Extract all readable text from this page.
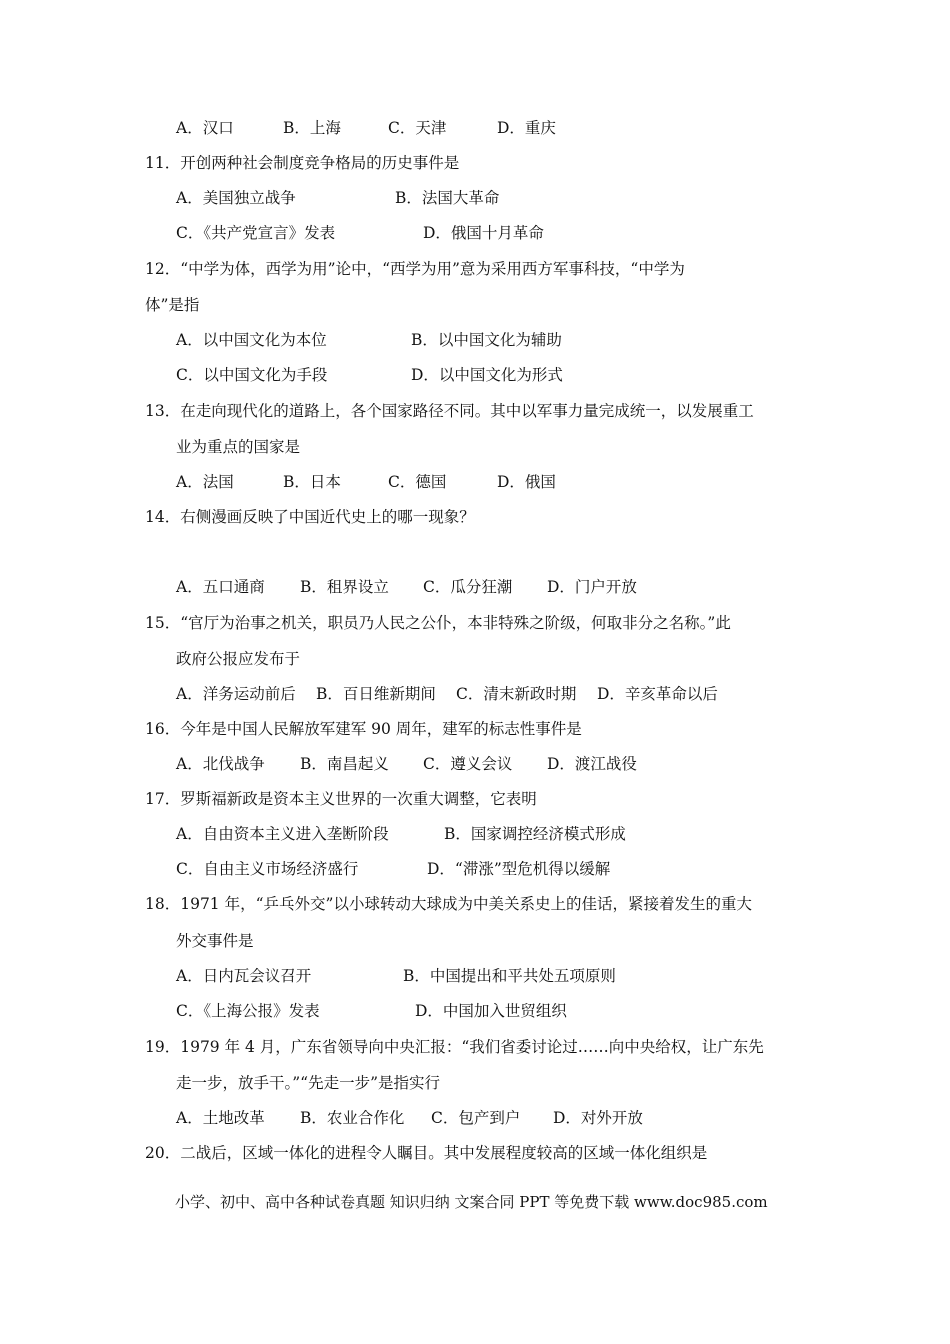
A．汉口	B．上海	C．天津	D．重庆
11．开创两种社会制度竞争格局的历史事件是
A．美国独立战争	B．法国大革命
C．《共产党宣言》发表	D．俄国十月革命
12．“中学为体，西学为用”论中，“西学为用”意为采用西方军事科技，“中学为
体”是指
A．以中国文化为本位	B．以中国文化为辅助
C．以中国文化为手段	D．以中国文化为形式
13．在走向现代化的道路上，各个国家路径不同。其中以军事力量完成统一，以发展重工
业为重点的国家是
A．法国	B．日本	C．德国	D．俄国
14．右侧漫画反映了中国近代史上的哪一现象？
A．五口通商 B．租界设立 C．瓜分狂潮 D．门户开放
15．“官厅为治事之机关，职员乃人民之公仆，本非特殊之阶级，何取非分之名称。”此
政府公报应发布于
A．洋务运动前后 B．百日维新期间 C．清末新政时期 D．辛亥革命以后
16．今年是中国人民解放军建军 90 周年，建军的标志性事件是
A．北伐战争 B．南昌起义 C．遵义会议 D．渡江战役
17．罗斯福新政是资本主义世界的一次重大调整，它表明
A．自由资本主义进入垄断阶段	B．国家调控经济模式形成
C．自由主义市场经济盛行	D．“滞涨”型危机得以缓解
18．1971 年，“乒乓外交”以小球转动大球成为中美关系史上的佳话，紧接着发生的重大
外交事件是
A．日内瓦会议召开	B．中国提出和平共处五项原则
C．《上海公报》发表	D．中国加入世贸组织
19．1979 年 4 月，广东省领导向中央汇报：“我们省委讨论过……向中央给权，让广东先
走一步，放手干。”“先走一步”是指实行
A．土地改革 B．农业合作化 C．包产到户 D．对外开放
20．二战后，区域一体化的进程令人瞩目。其中发展程度较高的区域一体化组织是
小学、初中、高中各种试卷真题 知识归纳 文案合同 PPT 等免费下载 www.doc985.com
